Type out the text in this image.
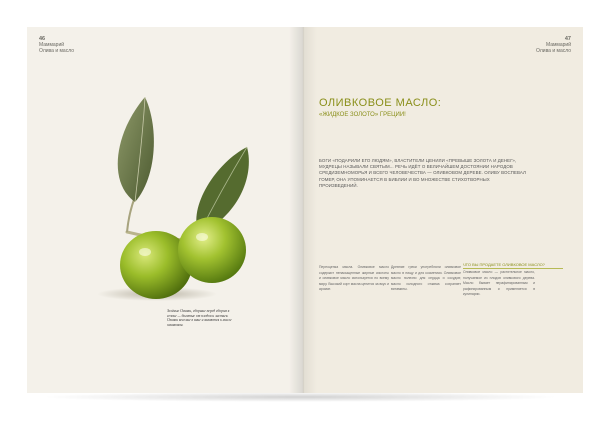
46
Маммарий
Олива и масло
Зелёные Оливки, сборные перед сбором в сезоне — богатые от плодов и листьев. Оливки веселые в вине и являются к масле оливковом.
47
Маммарий
Олива и масло
ОЛИВКОВОЕ МАСЛО:
«ЖИДКОЕ ЗОЛОТО» ГРЕЦИИ!
БОГИ «ПОДАРИЛИ ЕГО ЛЮДЯМ», ВЛАСТИТЕЛИ ЦЕНИЛИ «ПРЕВЫШЕ ЗОЛОТА И ДЕНЕГ», МУДРЕЦЫ НАЗЫВАЛИ СВЯТЫМ... РЕЧЬ ИДЁТ О ВЕЛИЧАЙШЕМ ДОСТОЯНИИ НАРОДОВ СРЕДИЗЕМНОМОРЬЯ И ВСЕГО ЧЕЛОВЕЧЕСТВА — ОЛИВКОВОМ ДЕРЕВЕ. ОЛИВУ ВОСПЕВАЛ ГОМЕР, ОНА УПОМИНАЕТСЯ В БИБЛИИ И ВО МНОЖЕСТВЕ СТИХОТВОРНЫХ ПРОИЗВЕДЕНИЙ.
ЧТО ВЫ ПРОДАЕТЕ ОЛИВКОВОЕ МАСЛО?
Переоценка масла. Оливковое масло содержит ненасыщенные жирные кислоты и оливковое масло используется по всему миру. Высокий сорт масла ценится за вкус и аромат.
Древние греки употребляли оливковое масло в пищу и для косметики. Оливковое масло полезно для сердца и сосудов; масло холодного отжима сохраняет витамины.
Оливковое масло — растительное масло, получаемое из плодов оливкового дерева. Масло бывает нерафинированным и рафинированным и применяется в кулинарии.
